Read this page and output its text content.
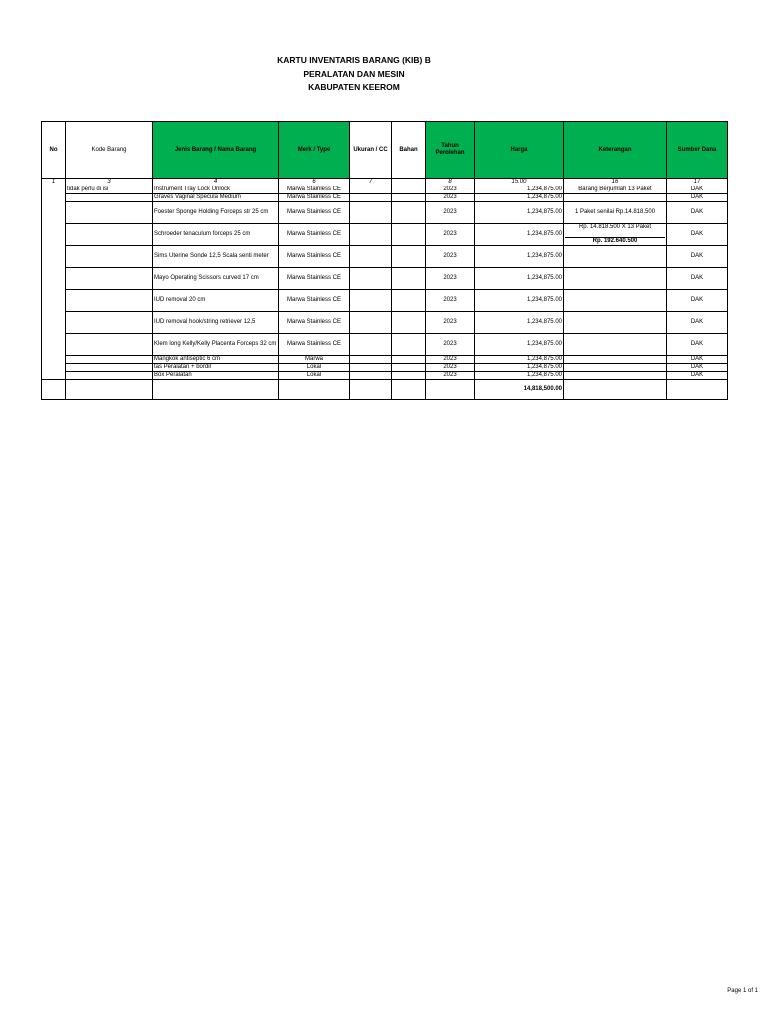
KARTU INVENTARIS BARANG (KIB) B
PERALATAN DAN MESIN
KABUPATEN KEEROM
No	Kode Barang	Jenis Barang / Nama Barang	Merk / Type	Ukuran / CC	Bahan	Tahun
Perolehan	Harga	Keterangan	Sumber Dana
1	3	4	6	7		8	15.00	16	17
	tidak perlu di isi	Instrument Tray Lock Unlock	Marwa Stainless CE			2023	1,234,875.00	Barang Berjumlah 13 Paket	DAK
		Graves Vaginal Specula Medium	Marwa Stainless CE			2023	1,234,875.00		DAK
		Foester Sponge Holding Forceps str 25 cm	Marwa Stainless CE			2023	1,234,875.00	1 Paket senilai Rp.14.818.500	DAK
		Schroeder tenaculum forceps 25 cm	Marwa Stainless CE			2023	1,234,875.00	Rp. 14.818.500 X 13 Paket
Rp. 192.640.500	DAK
		Sims Uterine Sonde 12,5 Scala senti meter	Marwa Stainless CE			2023	1,234,875.00		DAK
		Mayo Operating Scissors curved 17 cm	Marwa Stainless CE			2023	1,234,875.00		DAK
		IUD removal 20 cm	Marwa Stainless CE			2023	1,234,875.00		DAK
		IUD removal hook/string retriever 12,5	Marwa Stainless CE			2023	1,234,875.00		DAK
		Klem long Kelly/Kelly Placenta Forceps 32 cm	Marwa Stainless CE			2023	1,234,875.00		DAK
		Mangkok antiseptic 6 cm	Marwa			2023	1,234,875.00		DAK
		tas Peralatan + bordir	Lokal			2023	1,234,875.00		DAK
		Box Peralatan	Lokal			2023	1,234,875.00		DAK
							14,818,500.00		
Page 1 of 1
